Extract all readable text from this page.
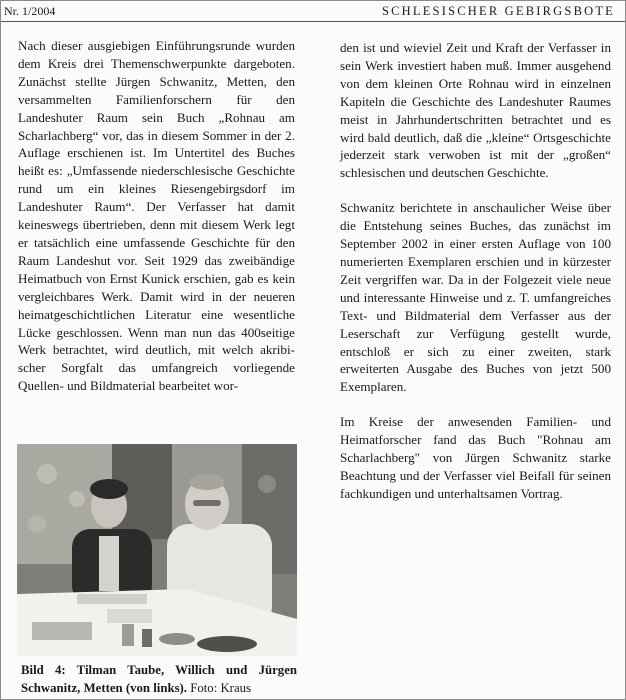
Nr. 1/2004	SCHLESISCHER GEBIRGSBOTE

Nach dieser ausgiebigen Einführungsrunde wurden dem Kreis drei Themenschwerpunkte dargeboten. Zunächst stellte Jürgen Schwanitz, Metten, den versammelten Familienforschern für den Landeshuter Raum sein Buch „Rohnau am Scharlachberg“ vor, das in diesem Sommer in der 2. Auflage erschienen ist. Im Untertitel des Buches heißt es: „Umfassende niederschlesische Geschichte rund um ein kleines Riesengebirgsdorf im Landeshuter Raum“. Der Verfasser hat damit keineswegs übertrieben, denn mit diesem Werk legt er tatsächlich eine umfassende Geschichte für den Raum Landeshut vor. Seit 1929 das zweibändige Heimatbuch von Ernst Kunick erschien, gab es kein vergleichbares Werk. Damit wird in der neueren heimatgeschichtlichen Literatur eine wesentliche Lücke geschlossen. Wenn man nun das 400seitige Werk betrachtet, wird deutlich, mit welch akribischer Sorgfalt das umfangreich vorliegende Quellen- und Bildmaterial bearbeitet wor-

den ist und wieviel Zeit und Kraft der Verfasser in sein Werk investiert haben muß. Immer ausgehend von dem kleinen Orte Rohnau wird in einzelnen Kapiteln die Geschichte des Landeshuter Raumes meist in Jahrhundertschritten betrachtet und es wird bald deutlich, daß die „kleine“ Ortsgeschichte jederzeit stark verwoben ist mit der „großen“ schlesischen und deutschen Geschichte.

Schwanitz berichtete in anschaulicher Weise über die Entstehung seines Buches, das zunächst im September 2002 in einer ersten Auflage von 100 numerierten Exemplaren erschien und in kürzester Zeit vergriffen war. Da in der Folgezeit viele neue und interessante Hinweise und z. T. umfangreiches Text- und Bildmaterial dem Verfasser aus der Leserschaft zur Verfügung gestellt wurde, entschloß er sich zu einer zweiten, stark erweiterten Ausgabe des Buches von jetzt 500 Exemplaren.

Im Kreise der anwesenden Familien- und Heimatforscher fand das Buch "Rohnau am Scharlachberg" von Jürgen Schwanitz starke Beachtung und der Verfasser viel Beifall für seinen fachkundigen und unterhaltsamen Vortrag.

Bild 4: Tilman Taube, Willich und Jürgen Schwanitz, Metten (von links). Foto: Kraus
